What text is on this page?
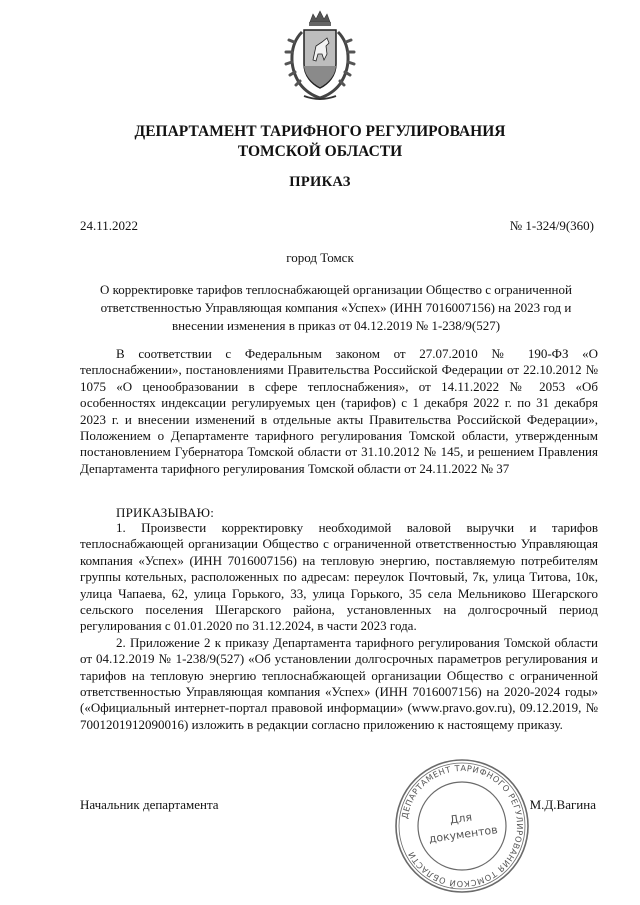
ДЕПАРТАМЕНТ ТАРИФНОГО РЕГУЛИРОВАНИЯ
ТОМСКОЙ ОБЛАСТИ
ПРИКАЗ
24.11.2022	№ 1-324/9(360)
город Томск
О корректировке тарифов теплоснабжающей организации Общество с ограниченной ответственностью Управляющая компания «Успех» (ИНН 7016007156) на 2023 год и внесении изменения в приказ от 04.12.2019 № 1-238/9(527)
В соответствии с Федеральным законом от 27.07.2010 № 190-ФЗ «О теплоснабжении», постановлениями Правительства Российской Федерации от 22.10.2012 № 1075 «О ценообразовании в сфере теплоснабжения», от 14.11.2022 № 2053 «Об особенностях индексации регулируемых цен (тарифов) с 1 декабря 2022 г. по 31 декабря 2023 г. и внесении изменений в отдельные акты Правительства Российской Федерации», Положением о Департаменте тарифного регулирования Томской области, утвержденным постановлением Губернатора Томской области от 31.10.2012 № 145, и решением Правления Департамента тарифного регулирования Томской области от 24.11.2022 № 37
ПРИКАЗЫВАЮ:

1. Произвести корректировку необходимой валовой выручки и тарифов теплоснабжающей организации Общество с ограниченной ответственностью Управляющая компания «Успех» (ИНН 7016007156) на тепловую энергию, поставляемую потребителям группы котельных, расположенных по адресам: переулок Почтовый, 7к, улица Титова, 10к, улица Чапаева, 62, улица Горького, 33, улица Горького, 35 села Мельниково Шегарского сельского поселения Шегарского района, установленных на долгосрочный период регулирования с 01.01.2020 по 31.12.2024, в части 2023 года.

2. Приложение 2 к приказу Департамента тарифного регулирования Томской области от 04.12.2019 № 1-238/9(527) «Об установлении долгосрочных параметров регулирования и тарифов на тепловую энергию теплоснабжающей организации Общество с ограниченной ответственностью Управляющая компания «Успех» (ИНН 7016007156) на 2020-2024 годы» («Официальный интернет-портал правовой информации» (www.pravo.gov.ru), 09.12.2019, № 7001201912090016) изложить в редакции согласно приложению к настоящему приказу.

Начальник департамента	М.Д.Вагина
ДЕПАРТАМЕНТ ТАРИФНОГО РЕГУЛИРОВАНИЯ ТОМСКОЙ ОБЛАСТИ
Для
документов
